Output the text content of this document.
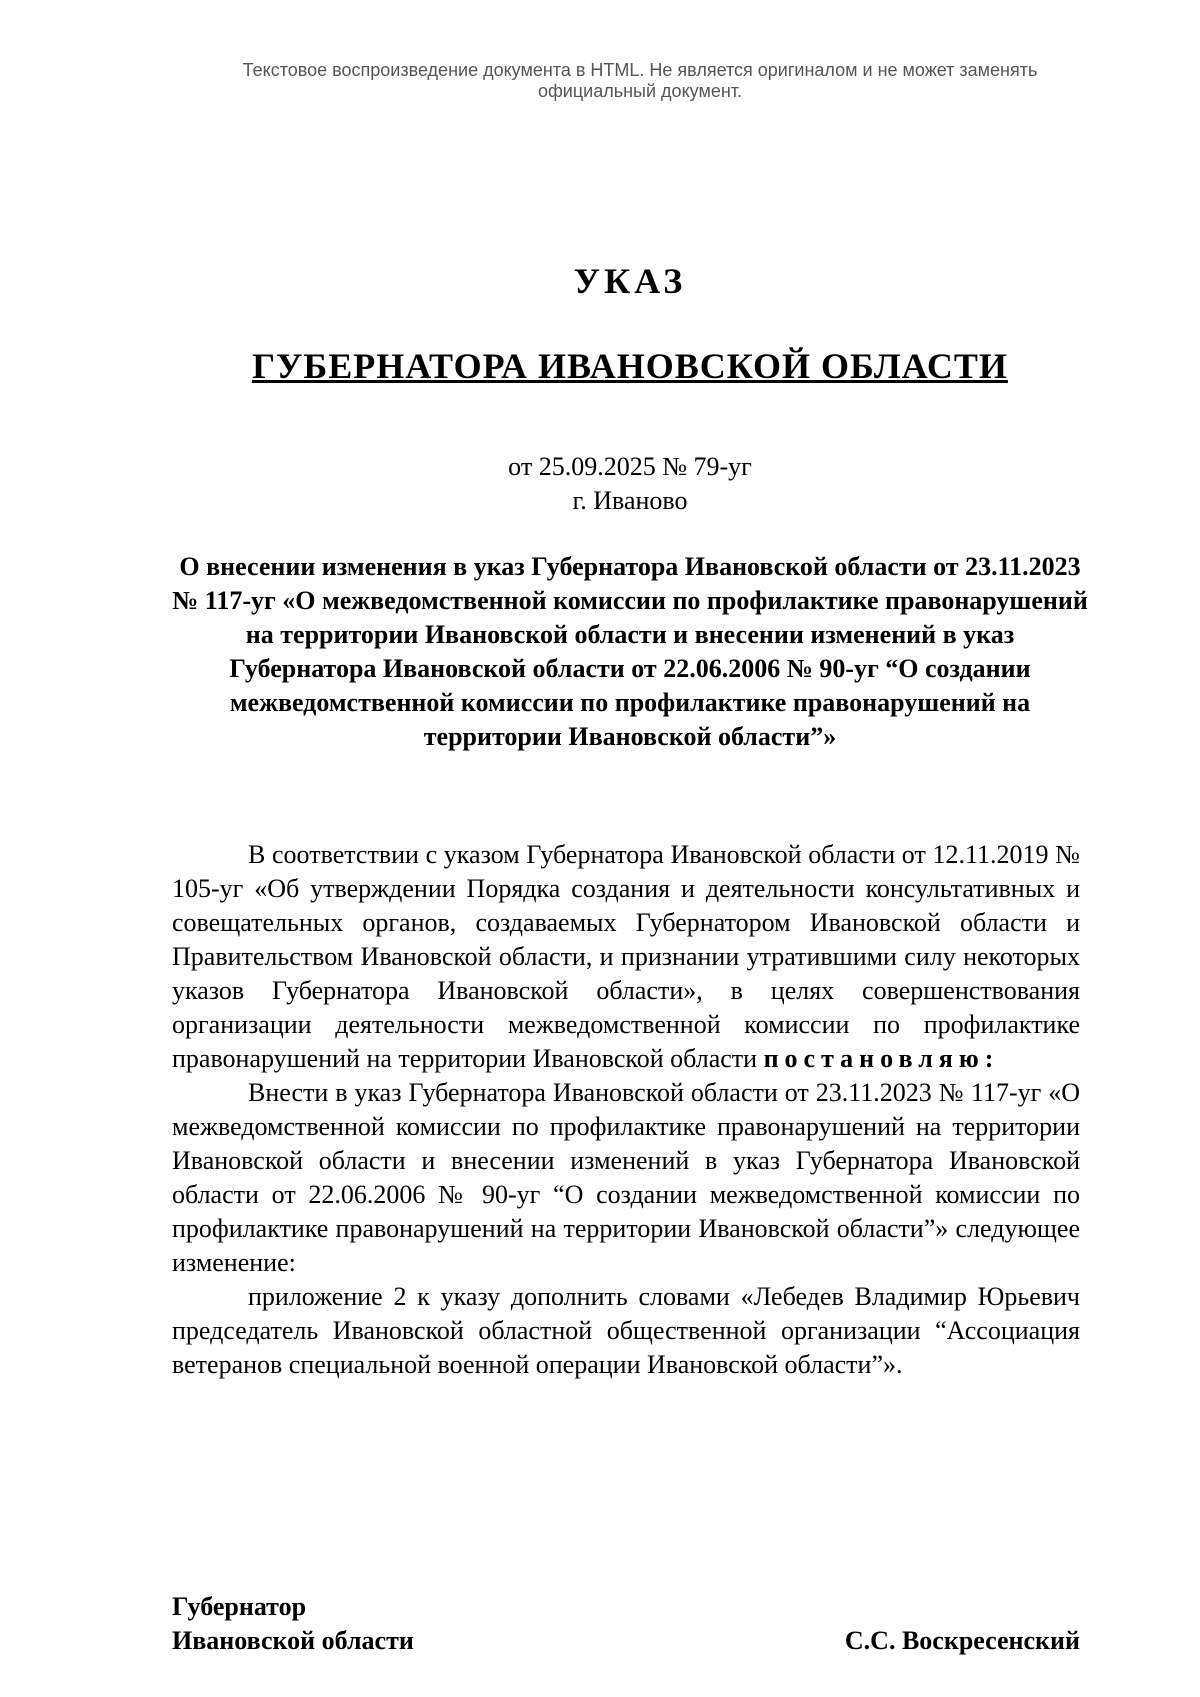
Текстовое воспроизведение документа в HTML. Не является оригиналом и не может заменять официальный документ.
УКАЗ
ГУБЕРНАТОРА ИВАНОВСКОЙ ОБЛАСТИ
от 25.09.2025 № 79-уг
г. Иваново
О внесении изменения в указ Губернатора Ивановской области от 23.11.2023 № 117-уг «О межведомственной комиссии по профилактике правонарушений на территории Ивановской области и внесении изменений в указ Губернатора Ивановской области от 22.06.2006 № 90-уг “О создании межведомственной комиссии по профилактике правонарушений на территории Ивановской области”»

В соответствии с указом Губернатора Ивановской области от 12.11.2019 № 105-уг «Об утверждении Порядка создания и деятельности консультативных и совещательных органов, создаваемых Губернатором Ивановской области и Правительством Ивановской области, и признании утратившими силу некоторых указов Губернатора Ивановской области», в целях совершенствования организации деятельности межведомственной комиссии по профилактике правонарушений на территории Ивановской области постановляю:

Внести в указ Губернатора Ивановской области от 23.11.2023 № 117-уг «О межведомственной комиссии по профилактике правонарушений на территории Ивановской области и внесении изменений в указ Губернатора Ивановской области от 22.06.2006 № 90-уг “О создании межведомственной комиссии по профилактике правонарушений на территории Ивановской области”» следующее изменение:

приложение 2 к указу дополнить словами «Лебедев Владимир Юрьевич председатель Ивановской областной общественной организации “Ассоциация ветеранов специальной военной операции Ивановской области”».

Губернатор
Ивановской области	С.С. Воскресенский
